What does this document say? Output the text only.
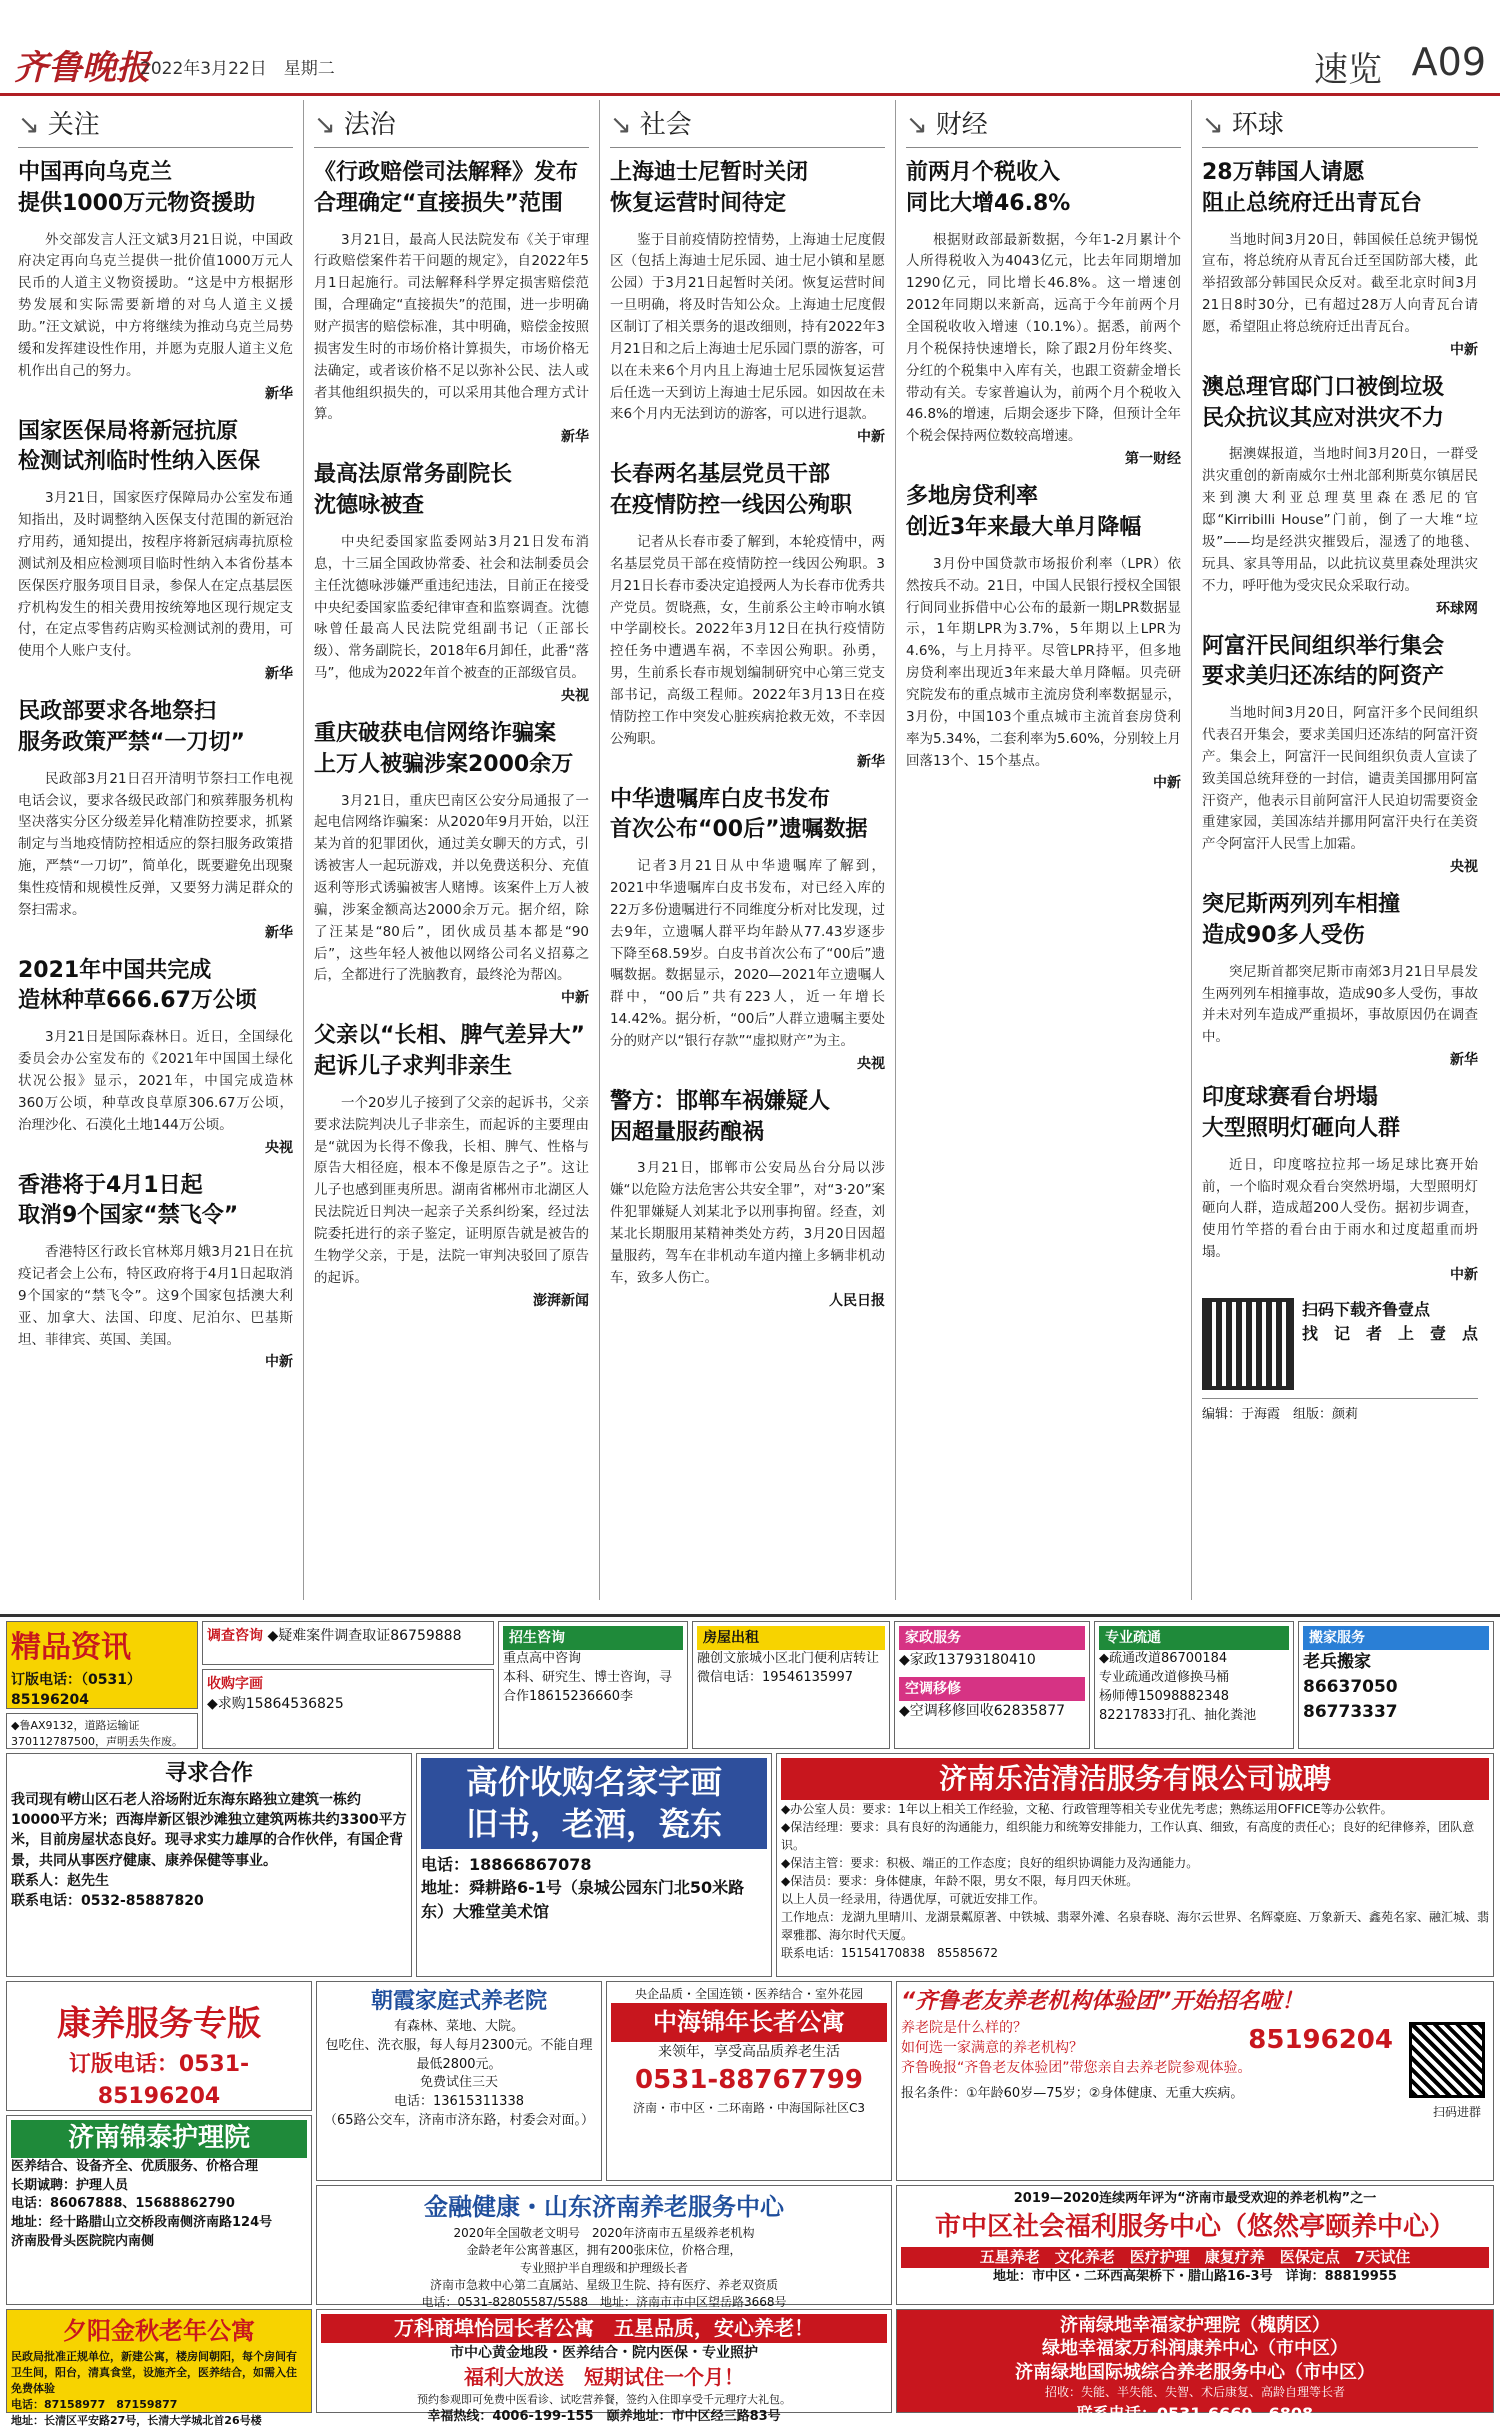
齐鲁晚报
2022年3月22日　星期二	速览 A09
↘ 关注
中国再向乌克兰
提供1000万元物资援助
外交部发言人汪文斌3月21日说，中国政府决定再向乌克兰提供一批价值1000万元人民币的人道主义物资援助。“这是中方根据形势发展和实际需要新增的对乌人道主义援助。”汪文斌说，中方将继续为推动乌克兰局势缓和发挥建设性作用，并愿为克服人道主义危机作出自己的努力。
新华
国家医保局将新冠抗原
检测试剂临时性纳入医保
3月21日，国家医疗保障局办公室发布通知指出，及时调整纳入医保支付范围的新冠治疗用药，通知提出，按程序将新冠病毒抗原检测试剂及相应检测项目临时性纳入本省份基本医保医疗服务项目目录，参保人在定点基层医疗机构发生的相关费用按统筹地区现行规定支付，在定点零售药店购买检测试剂的费用，可使用个人账户支付。
新华
民政部要求各地祭扫
服务政策严禁“一刀切”
民政部3月21日召开清明节祭扫工作电视电话会议，要求各级民政部门和殡葬服务机构坚决落实分区分级差异化精准防控要求，抓紧制定与当地疫情防控相适应的祭扫服务政策措施，严禁“一刀切”，简单化，既要避免出现聚集性疫情和规模性反弹，又要努力满足群众的祭扫需求。
新华
2021年中国共完成
造林种草666.67万公顷
3月21日是国际森林日。近日，全国绿化委员会办公室发布的《2021年中国国土绿化状况公报》显示，2021年，中国完成造林360万公顷，种草改良草原306.67万公顷，治理沙化、石漠化土地144万公顷。
央视
香港将于4月1日起
取消9个国家“禁飞令”
香港特区行政长官林郑月娥3月21日在抗疫记者会上公布，特区政府将于4月1日起取消9个国家的“禁飞令”。这9个国家包括澳大利亚、加拿大、法国、印度、尼泊尔、巴基斯坦、菲律宾、英国、美国。
中新
↘ 法治
《行政赔偿司法解释》发布
合理确定“直接损失”范围
3月21日，最高人民法院发布《关于审理行政赔偿案件若干问题的规定》，自2022年5月1日起施行。司法解释科学界定损害赔偿范围，合理确定“直接损失”的范围，进一步明确财产损害的赔偿标准，其中明确，赔偿金按照损害发生时的市场价格计算损失，市场价格无法确定，或者该价格不足以弥补公民、法人或者其他组织损失的，可以采用其他合理方式计算。
新华
最高法原常务副院长
沈德咏被查
中央纪委国家监委网站3月21日发布消息，十三届全国政协常委、社会和法制委员会主任沈德咏涉嫌严重违纪违法，目前正在接受中央纪委国家监委纪律审查和监察调查。沈德咏曾任最高人民法院党组副书记（正部长级）、常务副院长，2018年6月卸任，此番“落马”，他成为2022年首个被查的正部级官员。
央视
重庆破获电信网络诈骗案
上万人被骗涉案2000余万
3月21日，重庆巴南区公安分局通报了一起电信网络诈骗案：从2020年9月开始，以汪某为首的犯罪团伙，通过美女聊天的方式，引诱被害人一起玩游戏，并以免费送积分、充值返利等形式诱骗被害人赌博。该案件上万人被骗，涉案金额高达2000余万元。据介绍，除了汪某是“80后”，团伙成员基本都是“90后”，这些年轻人被他以网络公司名义招募之后，全都进行了洗脑教育，最终沦为帮凶。
中新
父亲以“长相、脾气差异大”
起诉儿子求判非亲生
一个20岁儿子接到了父亲的起诉书，父亲要求法院判决儿子非亲生，而起诉的主要理由是“就因为长得不像我，长相、脾气、性格与原告大相径庭，根本不像是原告之子”。这让儿子也感到匪夷所思。湖南省郴州市北湖区人民法院近日判决一起亲子关系纠纷案，经过法院委托进行的亲子鉴定，证明原告就是被告的生物学父亲，于是，法院一审判决驳回了原告的起诉。
澎湃新闻
↘ 社会
上海迪士尼暂时关闭
恢复运营时间待定
鉴于目前疫情防控情势，上海迪士尼度假区（包括上海迪士尼乐园、迪士尼小镇和星愿公园）于3月21日起暂时关闭。恢复运营时间一旦明确，将及时告知公众。上海迪士尼度假区制订了相关票务的退改细则，持有2022年3月21日和之后上海迪士尼乐园门票的游客，可以在未来6个月内且上海迪士尼乐园恢复运营后任选一天到访上海迪士尼乐园。如因故在未来6个月内无法到访的游客，可以进行退款。
中新
长春两名基层党员干部
在疫情防控一线因公殉职
记者从长春市委了解到，本轮疫情中，两名基层党员干部在疫情防控一线因公殉职。3月21日长春市委决定追授两人为长春市优秀共产党员。贺晓燕，女，生前系公主岭市响水镇中学副校长。2022年3月12日在执行疫情防控任务中遭遇车祸，不幸因公殉职。孙勇，男，生前系长春市规划编制研究中心第三党支部书记，高级工程师。2022年3月13日在疫情防控工作中突发心脏疾病抢救无效，不幸因公殉职。
新华
中华遗嘱库白皮书发布
首次公布“00后”遗嘱数据
记者3月21日从中华遗嘱库了解到，2021中华遗嘱库白皮书发布，对已经入库的22万多份遗嘱进行不同维度分析对比发现，过去9年，立遗嘱人群平均年龄从77.43岁逐步下降至68.59岁。白皮书首次公布了“00后”遗嘱数据。数据显示，2020—2021年立遗嘱人群中，“00后”共有223人，近一年增长14.42%。据分析，“00后”人群立遗嘱主要处分的财产以“银行存款”“虚拟财产”为主。
央视
警方：邯郸车祸嫌疑人
因超量服药酿祸
3月21日，邯郸市公安局丛台分局以涉嫌“以危险方法危害公共安全罪”，对“3·20”案件犯罪嫌疑人刘某北予以刑事拘留。经查，刘某北长期服用某精神类处方药，3月20日因超量服药，驾车在非机动车道内撞上多辆非机动车，致多人伤亡。
人民日报
↘ 财经
前两月个税收入
同比大增46.8%
根据财政部最新数据，今年1-2月累计个人所得税收入为4043亿元，比去年同期增加1290亿元，同比增长46.8%。这一增速创2012年同期以来新高，远高于今年前两个月全国税收收入增速（10.1%）。据悉，前两个月个税保持快速增长，除了跟2月份年终奖、分红的个税集中入库有关，也跟工资薪金增长带动有关。专家普遍认为，前两个月个税收入46.8%的增速，后期会逐步下降，但预计全年个税会保持两位数较高增速。
第一财经
多地房贷利率
创近3年来最大单月降幅
3月份中国贷款市场报价利率（LPR）依然按兵不动。21日，中国人民银行授权全国银行间同业拆借中心公布的最新一期LPR数据显示，1年期LPR为3.7%，5年期以上LPR为4.6%，与上月持平。尽管LPR持平，但多地房贷利率出现近3年来最大单月降幅。贝壳研究院发布的重点城市主流房贷利率数据显示，3月份，中国103个重点城市主流首套房贷利率为5.34%，二套利率为5.60%，分别较上月回落13个、15个基点。
中新
↘ 环球
28万韩国人请愿
阻止总统府迁出青瓦台
当地时间3月20日，韩国候任总统尹锡悦宣布，将总统府从青瓦台迁至国防部大楼，此举招致部分韩国民众反对。截至北京时间3月21日8时30分，已有超过28万人向青瓦台请愿，希望阻止将总统府迁出青瓦台。
中新
澳总理官邸门口被倒垃圾
民众抗议其应对洪灾不力
据澳媒报道，当地时间3月20日，一群受洪灾重创的新南威尔士州北部利斯莫尔镇居民来到澳大利亚总理莫里森在悉尼的官邸“Kirribilli House”门前，倒了一大堆“垃圾”——均是经洪灾摧毁后，湿透了的地毯、玩具、家具等用品，以此抗议莫里森处理洪灾不力，呼吁他为受灾民众采取行动。
环球网
阿富汗民间组织举行集会
要求美归还冻结的阿资产
当地时间3月20日，阿富汗多个民间组织代表召开集会，要求美国归还冻结的阿富汗资产。集会上，阿富汗一民间组织负责人宣读了致美国总统拜登的一封信，谴责美国挪用阿富汗资产，他表示目前阿富汗人民迫切需要资金重建家园，美国冻结并挪用阿富汗央行在美资产令阿富汗人民雪上加霜。
央视
突尼斯两列列车相撞
造成90多人受伤
突尼斯首都突尼斯市南郊3月21日早晨发生两列列车相撞事故，造成90多人受伤，事故并未对列车造成严重损坏，事故原因仍在调查中。
新华
印度球赛看台坍塌
大型照明灯砸向人群
近日，印度喀拉拉邦一场足球比赛开始前，一个临时观众看台突然坍塌，大型照明灯砸向人群，造成超200人受伤。据初步调查，使用竹竿搭的看台由于雨水和过度超重而坍塌。
中新
扫码下载齐鲁壹点
找　记　者　上　壹　点
编辑：于海霞　组版：颜莉
精品资讯
订版电话：（0531）85196204
◆鲁AX9132，道路运输证370112787500，声明丢失作废。
调查咨询 ◆疑难案件调查取证86759888
收购字画
◆求购15864536825
招生咨询
重点高中咨询
本科、研究生、博士咨询，寻合作18615236660李
房屋出租
融创文旅城小区北门便利店转让
微信电话：19546135997
家政服务
◆家政13793180410
空调移修
◆空调移修回收62835877
专业疏通
◆疏通改道86700184
专业疏通改道修换马桶
杨师傅15098882348
82217833打孔、抽化粪池
搬家服务
老兵搬家
86637050 86773337
寻求合作
我司现有崂山区石老人浴场附近东海东路独立建筑一栋约10000平方米；西海岸新区银沙滩独立建筑两栋共约3300平方米，目前房屋状态良好。现寻求实力雄厚的合作伙伴，有国企背景，共同从事医疗健康、康养保健等事业。
联系人：赵先生
联系电话：0532-85887820
高价收购名家字画
旧书，老酒，瓷东
电话：18866867078
地址：舜耕路6-1号（泉城公园东门北50米路东）大雅堂美术馆
济南乐洁清洁服务有限公司诚聘
◆办公室人员：要求：1年以上相关工作经验，文秘、行政管理等相关专业优先考虑；熟练运用OFFICE等办公软件。
◆保洁经理：要求：具有良好的沟通能力，组织能力和统筹安排能力，工作认真、细致，有高度的责任心；良好的纪律修养，团队意识。
◆保洁主管：要求：积极、端正的工作态度；良好的组织协调能力及沟通能力。
◆保洁员：要求：身体健康，年龄不限，男女不限，每月四天休班。
以上人员一经录用，待遇优厚，可就近安排工作。
工作地点：龙湖九里晴川、龙湖景粼原著、中铁城、翡翠外滩、名泉春晓、海尔云世界、名辉豪庭、万象新天、鑫苑名家、融汇城、翡翠雅郡、海尔时代天厦。
联系电话：15154170838　85585672
康养服务专版
订版电话：0531-85196204
朝霞家庭式养老院
有森林、菜地、大院。
包吃住、洗衣服，每人每月2300元。不能自理最低2800元。
免费试住三天
电话：13615311338
（65路公交车，济南市济东路，村委会对面。）
央企品质・全国连锁・医养结合・室外花园
中海锦年长者公寓
来领年，享受高品质养老生活
0531-88767799
济南・市中区・二环南路・中海国际社区C3
“齐鲁老友养老机构体验团”开始招名啦！
养老院是什么样的？
如何选一家满意的养老机构？
齐鲁晚报“齐鲁老友体验团”带您亲自去养老院参观体验。
85196204
扫码进群
报名条件：①年龄60岁—75岁；②身体健康、无重大疾病。
济南锦泰护理院
医养结合、设备齐全、优质服务、价格合理
长期诚聘：护理人员
电话：86067888、15688862790
地址：经十路腊山立交桥段南侧济南路124号
济南股骨头医院院内南侧
金融健康・山东济南养老服务中心
2020年全国敬老文明号　2020年济南市五星级养老机构
金龄老年公寓普惠区，拥有200张床位，价格合理，
专业照护半自理级和护理级长者
济南市急救中心第二直属站、星级卫生院、持有医疗、养老双资质
电话：0531-82805587/5588　地址：济南市市中区望岳路3668号
2019—2020连续两年评为“济南市最受欢迎的养老机构”之一
市中区社会福利服务中心（悠然亭颐养中心）
五星养老　文化养老　医疗护理　康复疗养　医保定点　7天试住
地址：市中区・二环西高架桥下・腊山路16-3号　详询：88819955
夕阳金秋老年公寓
民政局批准正规单位，新建公寓，楼房间朝阳，每个房间有卫生间，阳台，清真食堂，设施齐全，医养结合，如需入住免费体验
电话：87158977　87159877
地址：长清区平安路27号，长清大学城北首26号楼
万科商埠怡园长者公寓　五星品质，安心养老！
市中心黄金地段・医养结合・院内医保・专业照护
福利大放送　短期试住一个月！
预约参观即可免费中医看诊、试吃营养餐，签约入住即享受千元理疗大礼包。
幸福热线：4006-199-155　颐养地址：市中区经三路83号
济南绿地幸福家护理院（槐荫区）
绿地幸福家万科润康养中心（市中区）
济南绿地国际城综合养老服务中心（市中区）
招收：失能、半失能、失智、术后康复、高龄自理等长者
联系电话：0531-6669　6808
